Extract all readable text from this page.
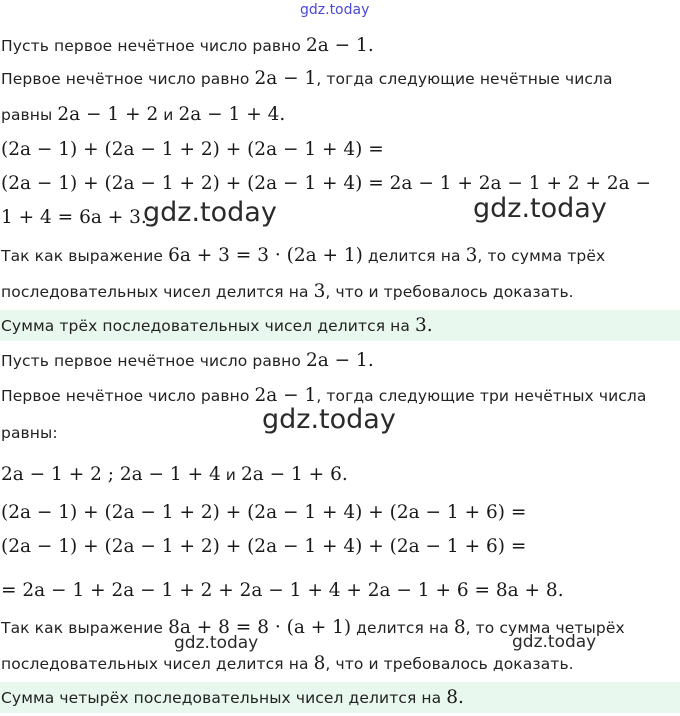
gdz.today
Пусть первое нечётное число равно 2a − 1.
Первое нечётное число равно 2a − 1, тогда следующие нечётные числа
равны 2a − 1 + 2 и 2a − 1 + 4.
(2a − 1) + (2a − 1 + 2) + (2a − 1 + 4) =
(2a − 1) + (2a − 1 + 2) + (2a − 1 + 4) = 2a − 1 + 2a − 1 + 2 + 2a −
1 + 4 = 6a + 3.
gdz.today	gdz.today
Так как выражение 6a + 3 = 3 · (2a + 1) делится на 3, то сумма трёх
последовательных чисел делится на 3, что и требовалось доказать.
Сумма трёх последовательных чисел делится на 3.
Пусть первое нечётное число равно 2a − 1.
Первое нечётное число равно 2a − 1, тогда следующие три нечётных числа
равны:	gdz.today
2a − 1 + 2 ; 2a − 1 + 4 и 2a − 1 + 6.
(2a − 1) + (2a − 1 + 2) + (2a − 1 + 4) + (2a − 1 + 6) =
(2a − 1) + (2a − 1 + 2) + (2a − 1 + 4) + (2a − 1 + 6) =
= 2a − 1 + 2a − 1 + 2 + 2a − 1 + 4 + 2a − 1 + 6 = 8a + 8.
Так как выражение 8a + 8 = 8 · (a + 1) делится на 8, то сумма четырёх
gdz.today	gdz.today
последовательных чисел делится на 8, что и требовалось доказать.
Сумма четырёх последовательных чисел делится на 8.
